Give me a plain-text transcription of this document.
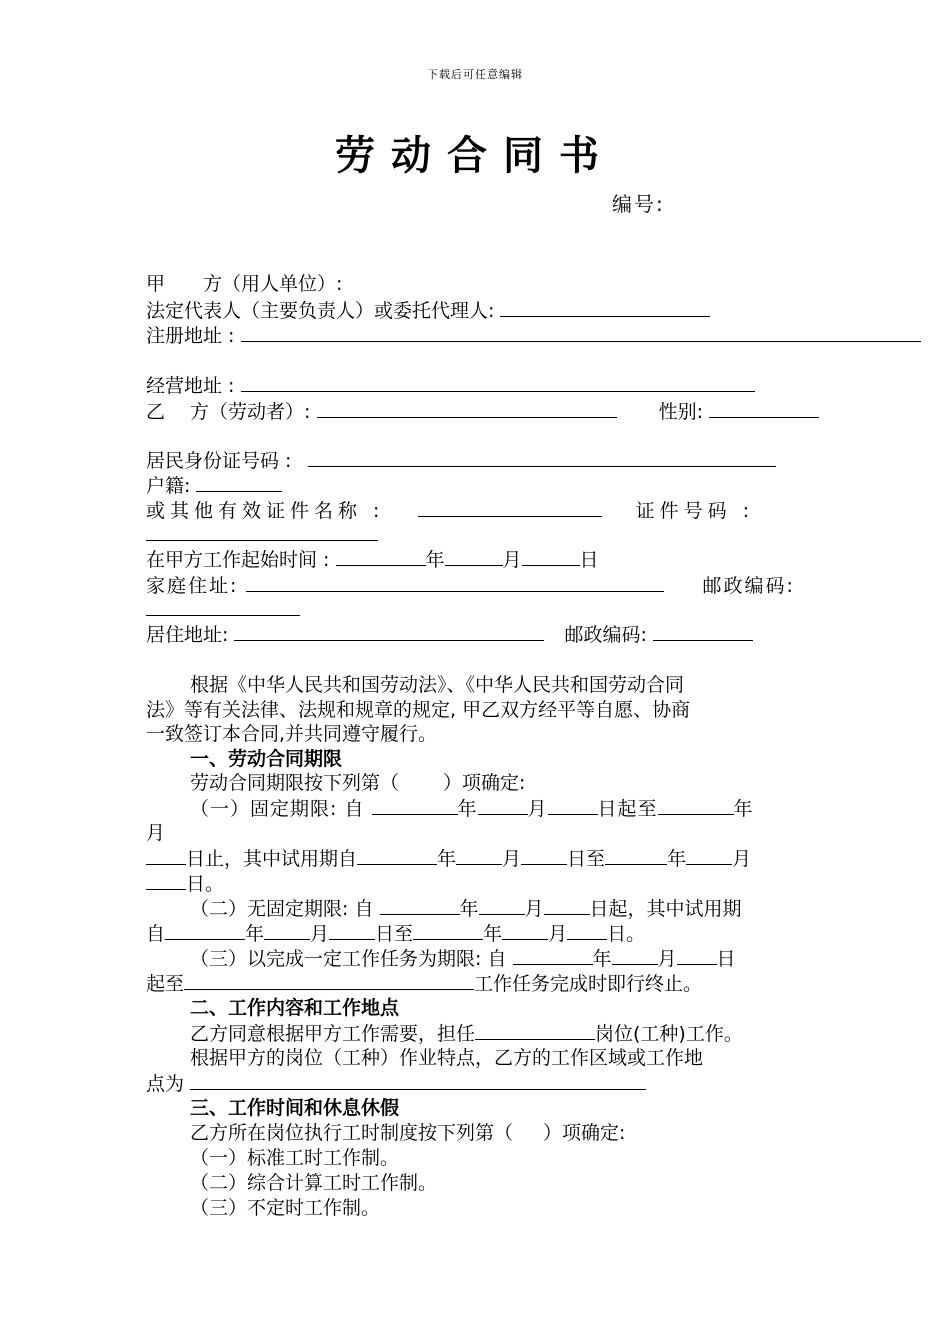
下载后可任意编辑
劳动合同书
编号:
甲　　方（用人单位）:
法定代表人（主要负责人）或委托代理人:
注册地址 :
经营地址 :
乙　 方（劳动者）:	性别:
居民身份证号码 :
户籍:
或其他有效证件名称 :	证件号码 :
在甲方工作起始时间 :	年	月	日
家庭住址:	邮政编码:
居住地址:	邮政编码:
根据《中华人民共和国劳动法》、《中华人民共和国劳动合同
法》等有关法律、法规和规章的规定, 甲乙双方经平等自愿、协商
一致签订本合同,并共同遵守履行。
一、劳动合同期限
劳动合同期限按下列第（ ）项确定:
（一）固定期限: 自	年	月	日起至	年
月
日止，其中试用期自	年 月 日至	年 月
日。
（二）无固定期限: 自	年 月 日起，其中试用期
自	年 月 日至	年 月 日。
（三）以完成一定工作任务为期限: 自	年 月 日
起至	工作任务完成时即行终止。
二、工作内容和工作地点
乙方同意根据甲方工作需要，担任	岗位(工种)工作。
根据甲方的岗位（工种）作业特点，乙方的工作区域或工作地
点为
三、工作时间和休息休假
乙方所在岗位执行工时制度按下列第（ ）项确定:
（一）标准工时工作制。
（二）综合计算工时工作制。
（三）不定时工作制。
